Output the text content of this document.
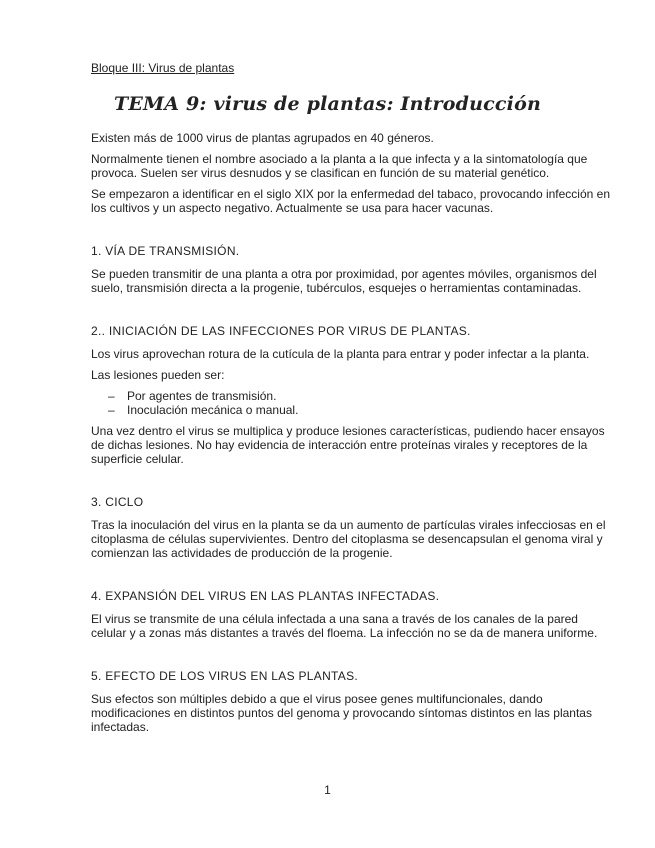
Bloque III: Virus de plantas
TEMA 9: virus de plantas: Introducción

Existen más de 1000 virus de plantas agrupados en 40 géneros.

Normalmente tienen el nombre asociado a la planta a la que infecta y a la sintomatología que provoca. Suelen ser virus desnudos y se clasifican en función de su material genético.

Se empezaron a identificar en el siglo XIX por la enfermedad del tabaco, provocando infección en los cultivos y un aspecto negativo. Actualmente se usa para hacer vacunas.

1. VÍA DE TRANSMISIÓN.

Se pueden transmitir de una planta a otra por proximidad, por agentes móviles, organismos del suelo, transmisión directa a la progenie, tubérculos, esquejes o herramientas contaminadas.

2.. INICIACIÓN DE LAS INFECCIONES POR VIRUS DE PLANTAS.

Los virus aprovechan rotura de la cutícula de la planta para entrar y poder infectar a la planta.

Las lesiones pueden ser:

– Por agentes de transmisión.
– Inoculación mecánica o manual.

Una vez dentro el virus se multiplica y produce lesiones características, pudiendo hacer ensayos de dichas lesiones. No hay evidencia de interacción entre proteínas virales y receptores de la superficie celular.

3. CICLO

Tras la inoculación del virus en la planta se da un aumento de partículas virales infecciosas en el citoplasma de células supervivientes. Dentro del citoplasma se desencapsulan el genoma viral y comienzan las actividades de producción de la progenie.

4. EXPANSIÓN DEL VIRUS EN LAS PLANTAS INFECTADAS.

El virus se transmite de una célula infectada a una sana a través de los canales de la pared celular y a zonas más distantes a través del floema. La infección no se da de manera uniforme.

5. EFECTO DE LOS VIRUS EN LAS PLANTAS.

Sus efectos son múltiples debido a que el virus posee genes multifuncionales, dando modificaciones en distintos puntos del genoma y provocando síntomas distintos en las plantas infectadas.

1
